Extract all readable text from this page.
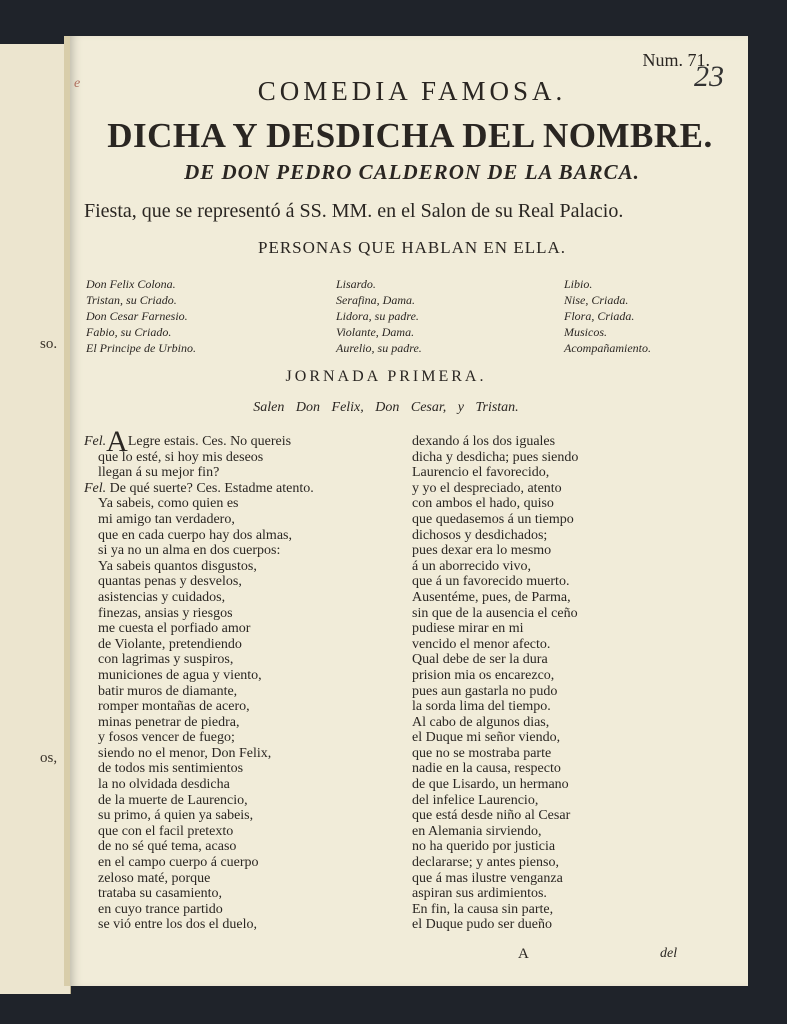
so.
os,
e
Num. 71.
23
COMEDIA FAMOSA.
DICHA Y DESDICHA DEL NOMBRE.
DE DON PEDRO CALDERON DE LA BARCA.
Fiesta, que se representó á SS. MM. en el Salon de su Real Palacio.
PERSONAS QUE HABLAN EN ELLA.
Don Felix Colona.
Tristan, su Criado.
Don Cesar Farnesio.
Fabio, su Criado.
El Principe de Urbino.
Lisardo.
Serafina, Dama.
Lidora, su padre.
Violante, Dama.
Aurelio, su padre.
Libio.
Nise, Criada.
Flora, Criada.
Musicos.
Acompañamiento.
JORNADA PRIMERA.
Salen Don Felix, Don Cesar, y Tristan.
Fel.ALegre estais. Ces. No quereis
que lo esté, si hoy mis deseos
llegan á su mejor fin?
Fel. De qué suerte? Ces. Estadme atento.
Ya sabeis, como quien es
mi amigo tan verdadero,
que en cada cuerpo hay dos almas,
si ya no un alma en dos cuerpos:
Ya sabeis quantos disgustos,
quantas penas y desvelos,
asistencias y cuidados,
finezas, ansias y riesgos
me cuesta el porfiado amor
de Violante, pretendiendo
con lagrimas y suspiros,
municiones de agua y viento,
batir muros de diamante,
romper montañas de acero,
minas penetrar de piedra,
y fosos vencer de fuego;
siendo no el menor, Don Felix,
de todos mis sentimientos
la no olvidada desdicha
de la muerte de Laurencio,
su primo, á quien ya sabeis,
que con el facil pretexto
de no sé qué tema, acaso
en el campo cuerpo á cuerpo
zeloso maté, porque
trataba su casamiento,
en cuyo trance partido
se vió entre los dos el duelo,
dexando á los dos iguales
dicha y desdicha; pues siendo
Laurencio el favorecido,
y yo el despreciado, atento
con ambos el hado, quiso
que quedasemos á un tiempo
dichosos y desdichados;
pues dexar era lo mesmo
á un aborrecido vivo,
que á un favorecido muerto.
Ausentéme, pues, de Parma,
sin que de la ausencia el ceño
pudiese mirar en mi
vencido el menor afecto.
Qual debe de ser la dura
prision mia os encarezco,
pues aun gastarla no pudo
la sorda lima del tiempo.
Al cabo de algunos dias,
el Duque mi señor viendo,
que no se mostraba parte
nadie en la causa, respecto
de que Lisardo, un hermano
del infelice Laurencio,
que está desde niño al Cesar
en Alemania sirviendo,
no ha querido por justicia
declararse; y antes pienso,
que á mas ilustre venganza
aspiran sus ardimientos.
En fin, la causa sin parte,
el Duque pudo ser dueño
A	del
